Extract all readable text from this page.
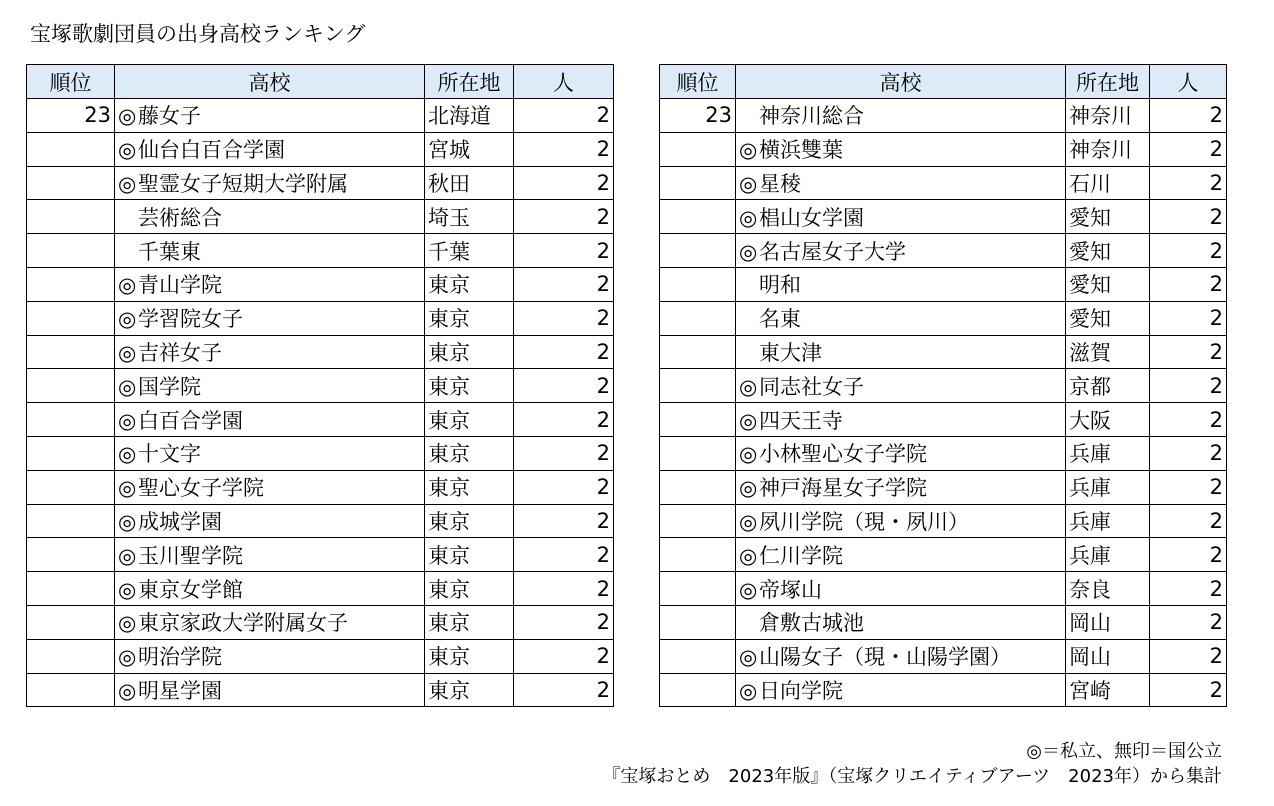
宝塚歌劇団員の出身高校ランキング
順位	高校	所在地	人
23	◎藤女子	北海道	2
	◎仙台白百合学園	宮城	2
	◎聖霊女子短期大学附属	秋田	2
	芸術総合	埼玉	2
	千葉東	千葉	2
	◎青山学院	東京	2
	◎学習院女子	東京	2
	◎吉祥女子	東京	2
	◎国学院	東京	2
	◎白百合学園	東京	2
	◎十文字	東京	2
	◎聖心女子学院	東京	2
	◎成城学園	東京	2
	◎玉川聖学院	東京	2
	◎東京女学館	東京	2
	◎東京家政大学附属女子	東京	2
	◎明治学院	東京	2
	◎明星学園	東京	2
順位	高校	所在地	人
23	神奈川総合	神奈川	2
	◎横浜雙葉	神奈川	2
	◎星稜	石川	2
	◎椙山女学園	愛知	2
	◎名古屋女子大学	愛知	2
	明和	愛知	2
	名東	愛知	2
	東大津	滋賀	2
	◎同志社女子	京都	2
	◎四天王寺	大阪	2
	◎小林聖心女子学院	兵庫	2
	◎神戸海星女子学院	兵庫	2
	◎夙川学院（現・夙川）	兵庫	2
	◎仁川学院	兵庫	2
	◎帝塚山	奈良	2
	倉敷古城池	岡山	2
	◎山陽女子（現・山陽学園）	岡山	2
	◎日向学院	宮崎	2
◎＝私立、無印＝国公立
『宝塚おとめ　2023年版』（宝塚クリエイティブアーツ　2023年）から集計
